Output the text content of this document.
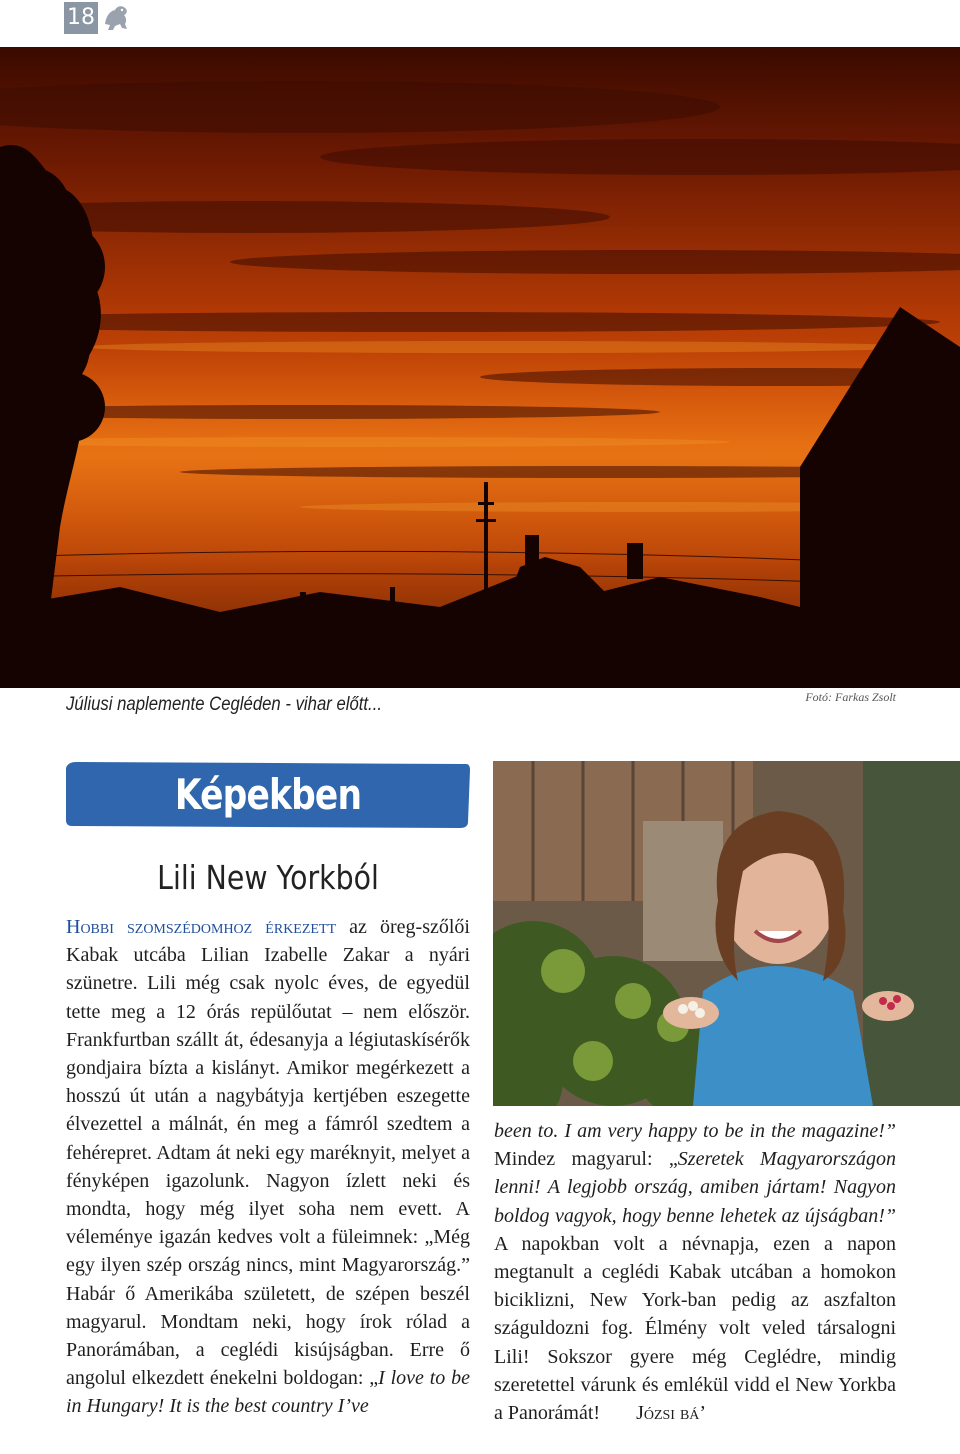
18
Júliusi naplemente Cegléden - vihar előtt...	Fotó: Farkas Zsolt
Képekben
Lili New Yorkból
Hobbi szomszédomhoz érkezett az öreg-szőlői Kabak utcába Lilian Izabelle Zakar a nyári szünetre. Lili még csak nyolc éves, de egyedül tette meg a 12 órás repülőutat – nem először. Frankfurtban szállt át, édesanyja a légiutaskísérők gondjaira bízta a kislányt. Amikor megérkezett a hosszú út után a nagybátyja kertjében eszegette élvezettel a málnát, én meg a fámról szedtem a fehérepret. Adtam át neki egy maréknyit, melyet a fényképen igazolunk. Nagyon ízlett neki és mondta, hogy még ilyet soha nem evett. A véleménye igazán kedves volt a füleimnek: „Még egy ilyen szép ország nincs, mint Magyarország.” Habár ő Amerikába született, de szépen beszél magyarul. Mondtam neki, hogy írok rólad a Panorámában, a ceglédi kisújságban. Erre ő angolul elkezdett énekelni boldogan: „I love to be in Hungary! It is the best country I’ve
been to. I am very happy to be in the magazine!” Mindez magyarul: „Szeretek Magyarországon lenni! A legjobb ország, amiben jártam! Nagyon boldog vagyok, hogy benne lehetek az újságban!” A napokban volt a névnapja, ezen a napon megtanult a ceglédi Kabak utcában a homokon biciklizni, New York-ban pedig az aszfalton száguldozni fog. Élmény volt veled társalogni Lili! Sokszor gyere még Ceglédre, mindig szeretettel várunk és emlékül vidd el New Yorkba a Panorámát! Józsi bá’
